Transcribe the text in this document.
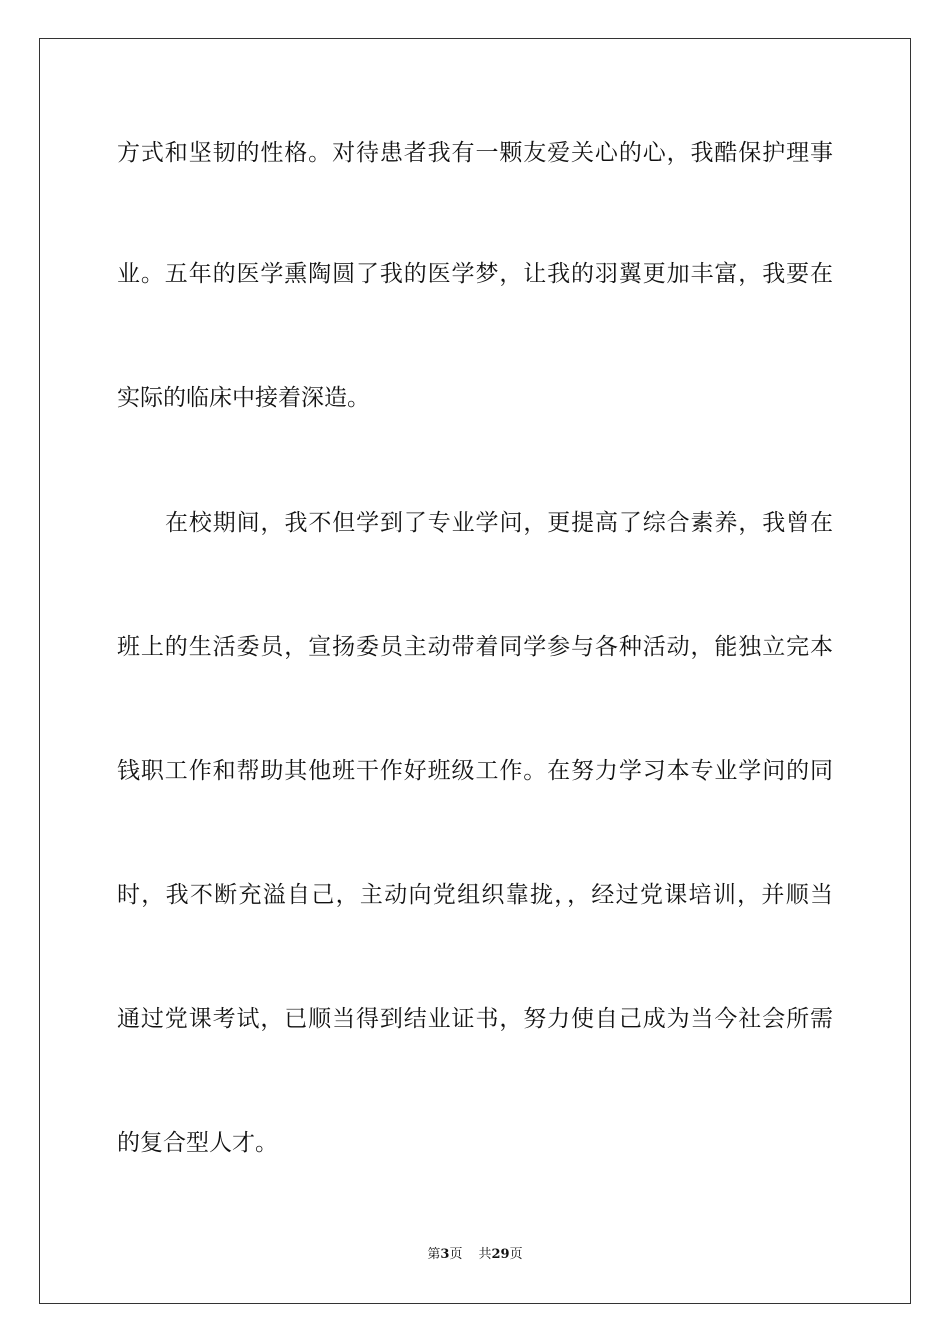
方式和坚韧的性格。对待患者我有一颗友爱关心的心，我酷保护理事
业。五年的医学熏陶圆了我的医学梦，让我的羽翼更加丰富，我要在
实际的临床中接着深造。
在校期间，我不但学到了专业学问，更提高了综合素养，我曾在
班上的生活委员，宣扬委员主动带着同学参与各种活动，能独立完本
钱职工作和帮助其他班干作好班级工作。在努力学习本专业学问的同
时，我不断充溢自己，主动向党组织靠拢，，经过党课培训，并顺当
通过党课考试，已顺当得到结业证书，努力使自己成为当今社会所需
的复合型人才。
第3页 共29页
